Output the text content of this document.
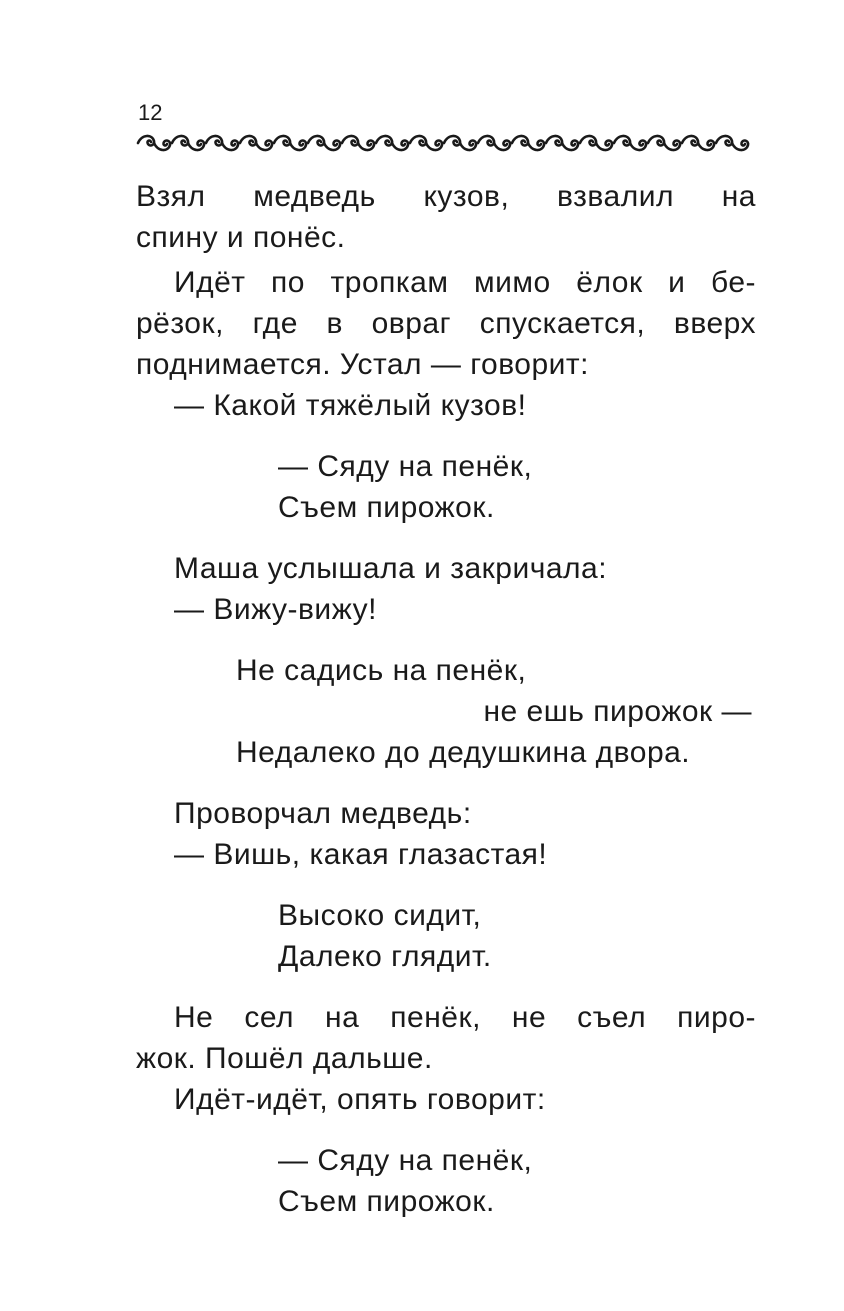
12
Взял медведь кузов, взвалил на
спину и понёс.
Идёт по тропкам мимо ёлок и бе-
рёзок, где в овраг спускается, вверх
поднимается. Устал — говорит:
— Какой тяжёлый кузов!
— Сяду на пенёк,
Съем пирожок.
Маша услышала и закричала:
— Вижу-вижу!
Не садись на пенёк,
не ешь пирожок —
Недалеко до дедушкина двора.
Проворчал медведь:
— Вишь, какая глазастая!
Высоко сидит,
Далеко глядит.
Не сел на пенёк, не съел пиро-
жок. Пошёл дальше.
Идёт-идёт, опять говорит:
— Сяду на пенёк,
Съем пирожок.
